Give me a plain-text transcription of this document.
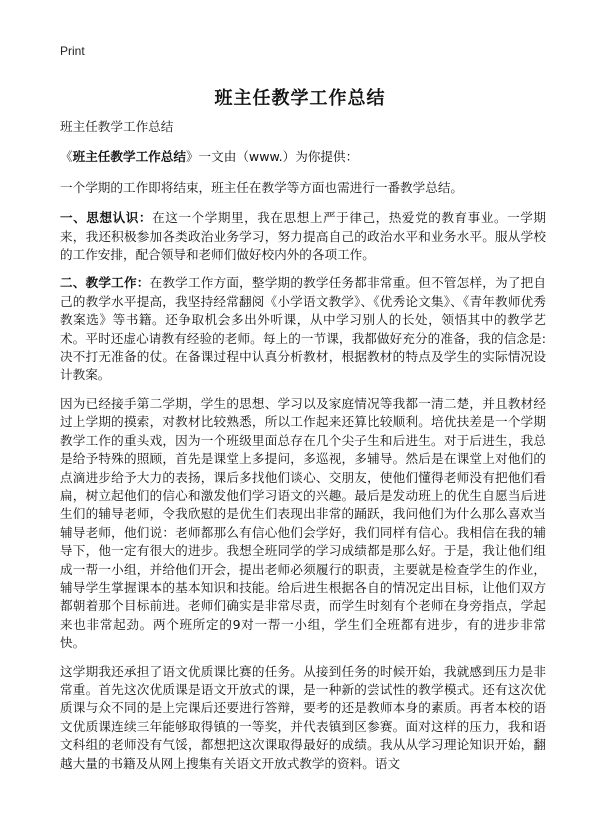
Print
班主任教学工作总结

班主任教学工作总结

《班主任教学工作总结》一文由（www.）为你提供：

一个学期的工作即将结束，班主任在教学等方面也需进行一番教学总结。

一、思想认识：在这一个学期里，我在思想上严于律己，热爱党的教育事业。一学期来，我还积极参加各类政治业务学习，努力提高自己的政治水平和业务水平。服从学校的工作安排，配合领导和老师们做好校内外的各项工作。

二、教学工作：在教学工作方面，整学期的教学任务都非常重。但不管怎样，为了把自己的教学水平提高，我坚持经常翻阅《小学语文教学》、《优秀论文集》、《青年教师优秀教案选》等书籍。还争取机会多出外听课，从中学习别人的长处，领悟其中的教学艺术。平时还虚心请教有经验的老师。每上的一节课，我都做好充分的准备，我的信念是:决不打无准备的仗。在备课过程中认真分析教材，根据教材的特点及学生的实际情况设计教案。

因为已经接手第二学期，学生的思想、学习以及家庭情况等我都一清二楚，并且教材经过上学期的摸索，对教材比较熟悉，所以工作起来还算比较顺利。培优扶差是一个学期教学工作的重头戏，因为一个班级里面总存在几个尖子生和后进生。对于后进生，我总是给予特殊的照顾，首先是课堂上多提问，多巡视，多辅导。然后是在课堂上对他们的点滴进步给予大力的表扬，课后多找他们谈心、交朋友，使他们懂得老师没有把他们看扁，树立起他们的信心和激发他们学习语文的兴趣。最后是发动班上的优生自愿当后进生们的辅导老师，令我欣慰的是优生们表现出非常的踊跃，我问他们为什么那么喜欢当辅导老师，他们说：老师都那么有信心他们会学好，我们同样有信心。我相信在我的辅导下，他一定有很大的进步。我想全班同学的学习成绩都是那么好。于是，我让他们组成一帮一小组，并给他们开会，提出老师必须履行的职责，主要就是检查学生的作业，辅导学生掌握课本的基本知识和技能。给后进生根据各自的情况定出目标，让他们双方都朝着那个目标前进。老师们确实是非常尽责，而学生时刻有个老师在身旁指点，学起来也非常起劲。两个班所定的9对一帮一小组，学生们全班都有进步，有的进步非常快。

这学期我还承担了语文优质课比赛的任务。从接到任务的时候开始，我就感到压力是非常重。首先这次优质课是语文开放式的课，是一种新的尝试性的教学模式。还有这次优质课与众不同的是上完课后还要进行答辩，要考的还是教师本身的素质。再者本校的语文优质课连续三年能够取得镇的一等奖，并代表镇到区参赛。面对这样的压力，我和语文科组的老师没有气馁，都想把这次课取得最好的成绩。我从从学习理论知识开始，翻越大量的书籍及从网上搜集有关语文开放式教学的资料。语文
